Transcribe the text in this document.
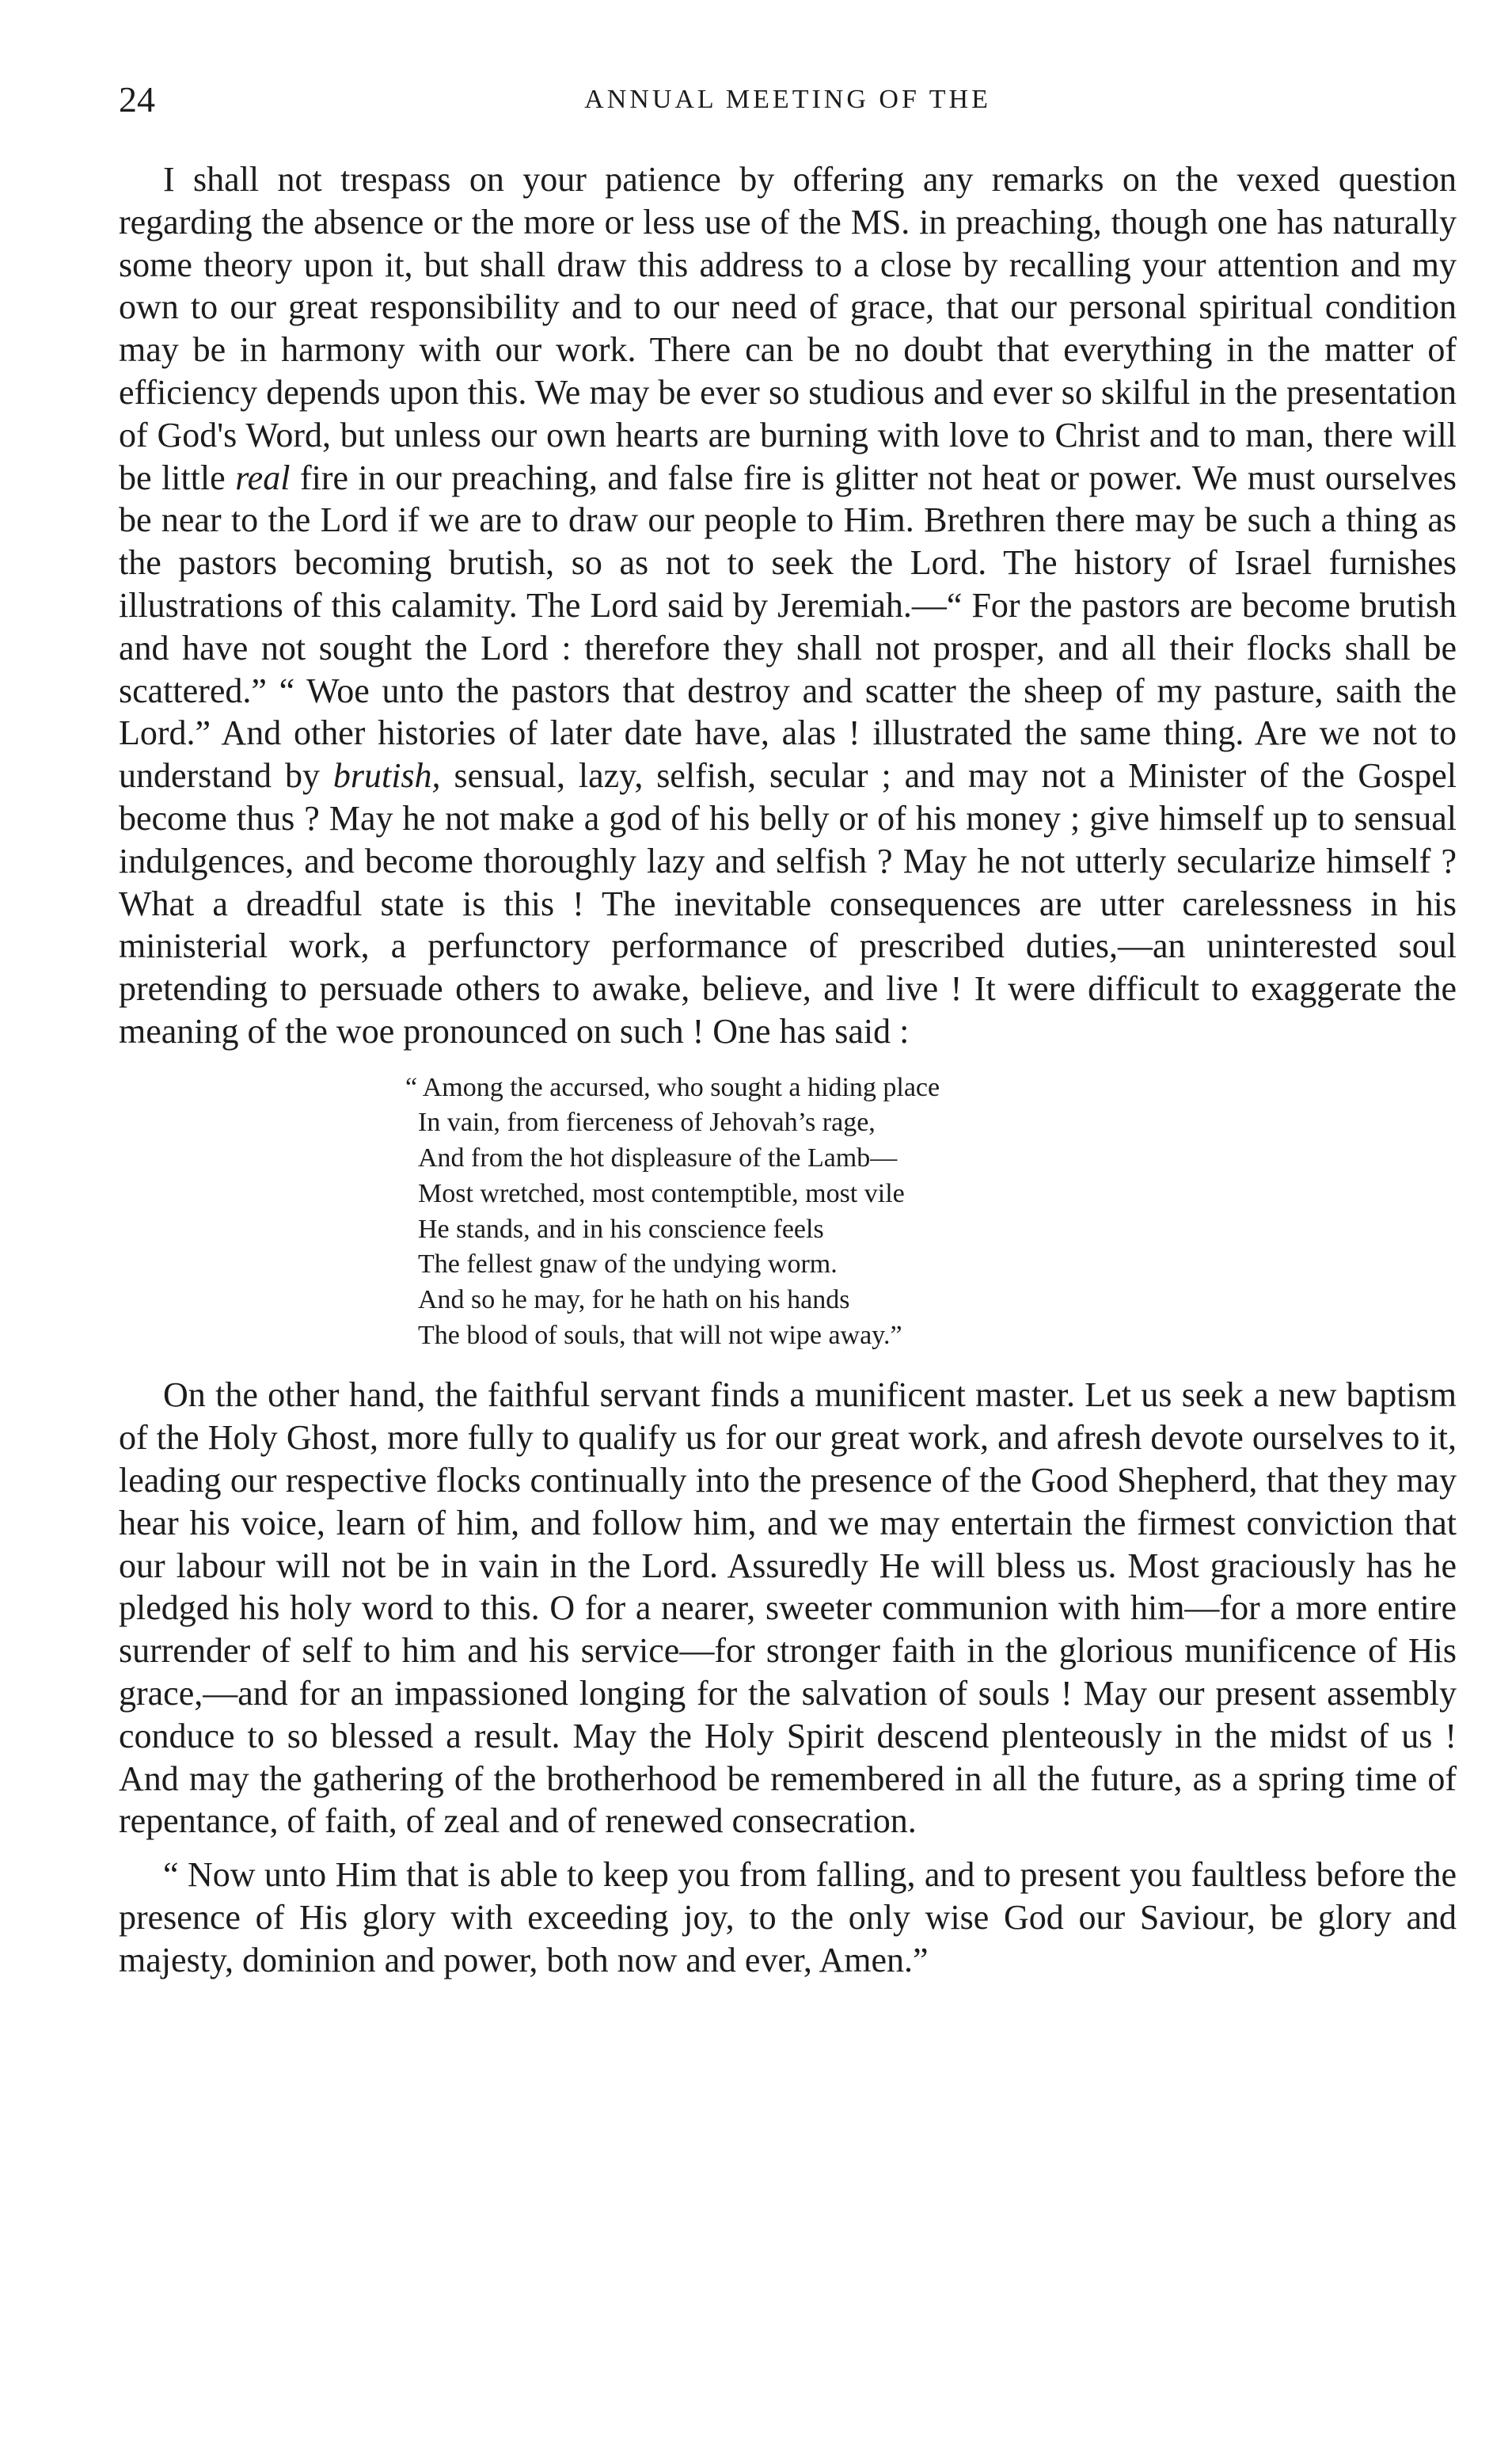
24	ANNUAL MEETING OF THE

I shall not trespass on your patience by offering any remarks on the vexed question regarding the absence or the more or less use of the MS. in preaching, though one has naturally some theory upon it, but shall draw this address to a close by recalling your attention and my own to our great responsibility and to our need of grace, that our personal spiritual condition may be in harmony with our work. There can be no doubt that everything in the matter of efficiency depends upon this. We may be ever so studious and ever so skilful in the presentation of God's Word, but unless our own hearts are burning with love to Christ and to man, there will be little real fire in our preaching, and false fire is glitter not heat or power. We must ourselves be near to the Lord if we are to draw our people to Him. Brethren there may be such a thing as the pastors becoming brutish, so as not to seek the Lord. The history of Israel furnishes illustrations of this calamity. The Lord said by Jeremiah.—“ For the pastors are become brutish and have not sought the Lord : therefore they shall not prosper, and all their flocks shall be scattered.” “ Woe unto the pastors that destroy and scatter the sheep of my pasture, saith the Lord.” And other histories of later date have, alas ! illustrated the same thing. Are we not to understand by brutish, sensual, lazy, selfish, secular ; and may not a Minister of the Gospel become thus ? May he not make a god of his belly or of his money ; give himself up to sensual indulgences, and become thoroughly lazy and selfish ? May he not utterly secularize himself ? What a dreadful state is this ! The inevitable consequences are utter carelessness in his ministerial work, a perfunctory performance of prescribed duties,—an uninterested soul pretending to persuade others to awake, believe, and live ! It were difficult to exaggerate the meaning of the woe pronounced on such ! One has said :

“ Among the accursed, who sought a hiding place
In vain, from fierceness of Jehovah’s rage,
And from the hot displeasure of the Lamb—
Most wretched, most contemptible, most vile
He stands, and in his conscience feels
The fellest gnaw of the undying worm.
And so he may, for he hath on his hands
The blood of souls, that will not wipe away.”

On the other hand, the faithful servant finds a munificent master. Let us seek a new baptism of the Holy Ghost, more fully to qualify us for our great work, and afresh devote ourselves to it, leading our respective flocks continually into the presence of the Good Shepherd, that they may hear his voice, learn of him, and follow him, and we may entertain the firmest conviction that our labour will not be in vain in the Lord. Assuredly He will bless us. Most graciously has he pledged his holy word to this. O for a nearer, sweeter communion with him—for a more entire surrender of self to him and his service—for stronger faith in the glorious munificence of His grace,—and for an impassioned longing for the salvation of souls ! May our present assembly conduce to so blessed a result. May the Holy Spirit descend plenteously in the midst of us ! And may the gathering of the brotherhood be remembered in all the future, as a spring time of repentance, of faith, of zeal and of renewed consecration.

“ Now unto Him that is able to keep you from falling, and to present you faultless before the presence of His glory with exceeding joy, to the only wise God our Saviour, be glory and majesty, dominion and power, both now and ever, Amen.”
